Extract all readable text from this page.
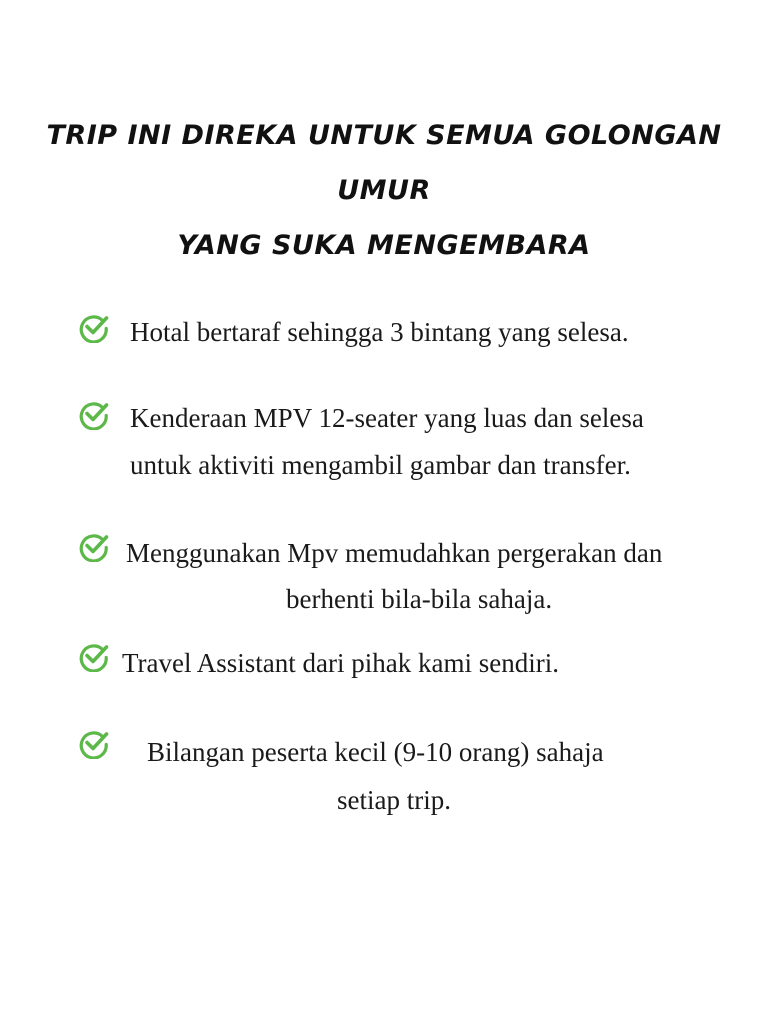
TRIP INI DIREKA UNTUK SEMUA GOLONGAN UMUR
YANG SUKA MENGEMBARA
Hotal bertaraf sehingga 3 bintang yang selesa.
Kenderaan MPV 12-seater yang luas dan selesa
untuk aktiviti mengambil gambar dan transfer.
Menggunakan Mpv memudahkan pergerakan dan
berhenti bila-bila sahaja.
Travel Assistant dari pihak kami sendiri.
Bilangan peserta kecil (9-10 orang) sahaja
setiap trip.
